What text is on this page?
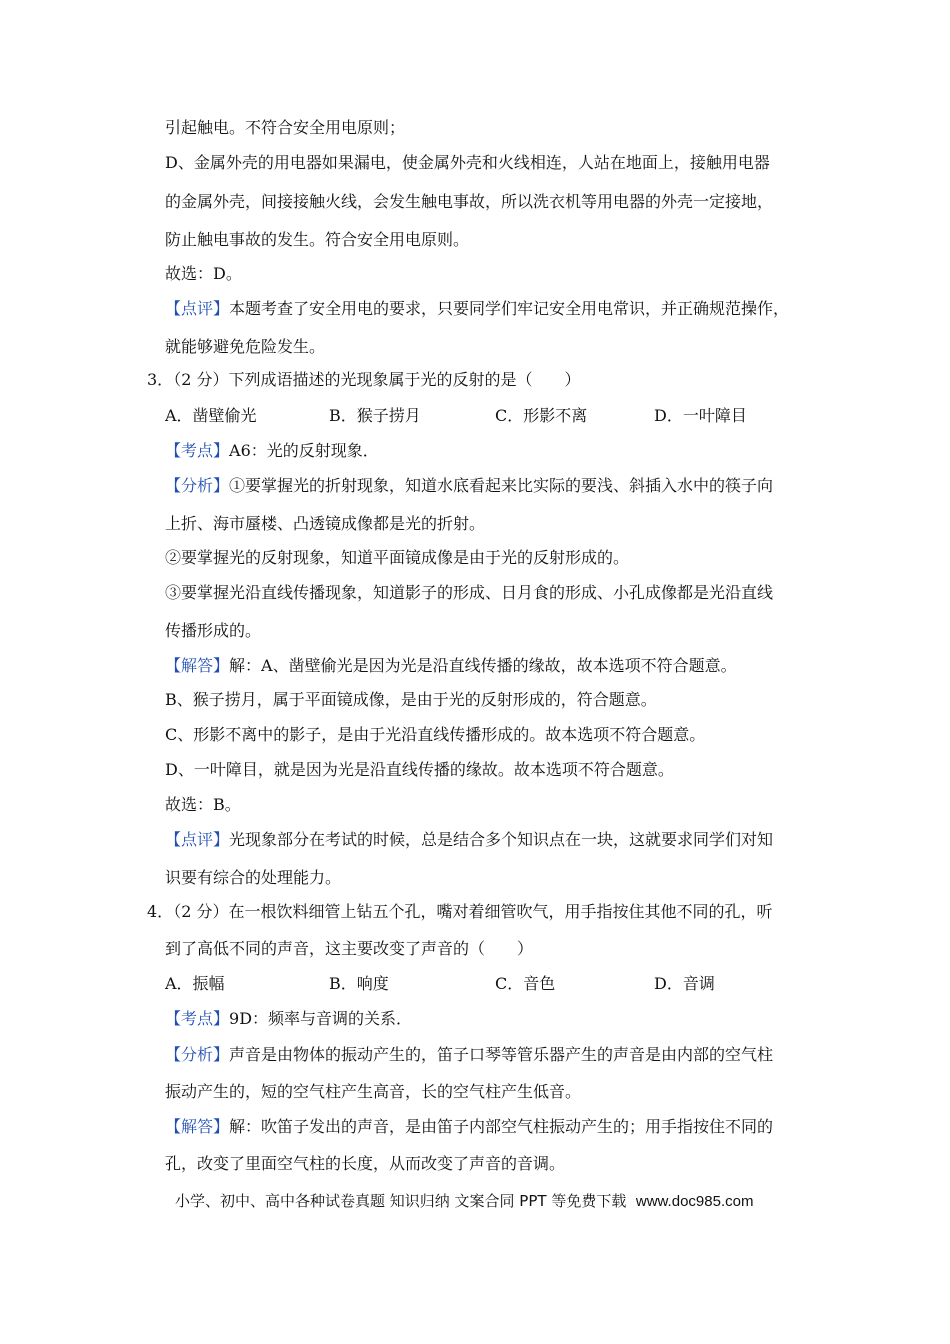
引起触电。不符合安全用电原则；
D、金属外壳的用电器如果漏电，使金属外壳和火线相连，人站在地面上，接触用电器
的金属外壳，间接接触火线，会发生触电事故，所以洗衣机等用电器的外壳一定接地，
防止触电事故的发生。符合安全用电原则。
故选：D。
【点评】本题考查了安全用电的要求，只要同学们牢记安全用电常识，并正确规范操作，
就能够避免危险发生。
3．（2 分）下列成语描述的光现象属于光的反射的是（　　）
A．凿壁偷光	B．猴子捞月	C．形影不离	D．一叶障目
【考点】A6：光的反射现象．
【分析】①要掌握光的折射现象，知道水底看起来比实际的要浅、斜插入水中的筷子向
上折、海市蜃楼、凸透镜成像都是光的折射。
②要掌握光的反射现象，知道平面镜成像是由于光的反射形成的。
③要掌握光沿直线传播现象，知道影子的形成、日月食的形成、小孔成像都是光沿直线
传播形成的。
【解答】解：A、凿壁偷光是因为光是沿直线传播的缘故，故本选项不符合题意。
B、猴子捞月，属于平面镜成像，是由于光的反射形成的，符合题意。
C、形影不离中的影子，是由于光沿直线传播形成的。故本选项不符合题意。
D、一叶障目，就是因为光是沿直线传播的缘故。故本选项不符合题意。
故选：B。
【点评】光现象部分在考试的时候，总是结合多个知识点在一块，这就要求同学们对知
识要有综合的处理能力。
4．（2 分）在一根饮料细管上钻五个孔，嘴对着细管吹气，用手指按住其他不同的孔，听
到了高低不同的声音，这主要改变了声音的（　　）
A．振幅	B．响度	C．音色	D．音调
【考点】9D：频率与音调的关系．
【分析】声音是由物体的振动产生的，笛子口琴等管乐器产生的声音是由内部的空气柱
振动产生的，短的空气柱产生高音，长的空气柱产生低音。
【解答】解：吹笛子发出的声音，是由笛子内部空气柱振动产生的；用手指按住不同的
孔，改变了里面空气柱的长度，从而改变了声音的音调。
小学、初中、高中各种试卷真题 知识归纳 文案合同 PPT 等免费下载 www.doc985.com
